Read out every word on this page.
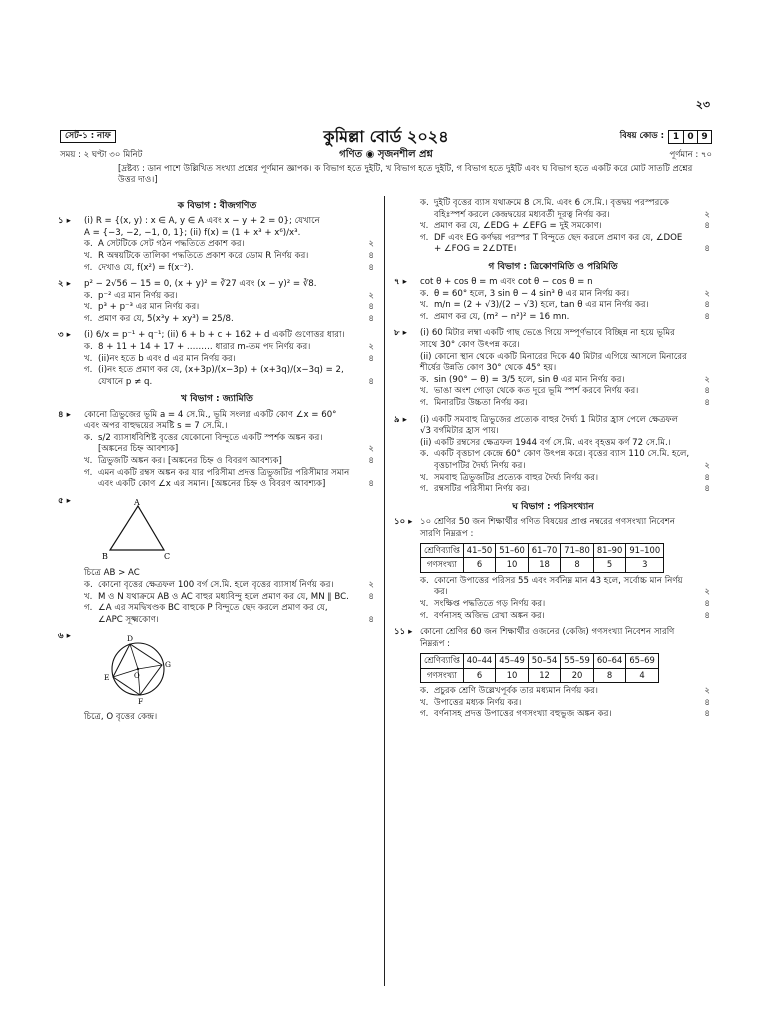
২৩
সেট-১ : নাফ	কুমিল্লা বোর্ড ২০২৪	বিষয় কোড : 1 0 9
সময় : ২ ঘণ্টা ৩০ মিনিট	গণিত ◉ সৃজনশীল প্রশ্ন	পূর্ণমান : ৭০
[দ্রষ্টব্য : ডান পাশে উল্লিখিত সংখ্যা প্রশ্নের পূর্ণমান জ্ঞাপক। ক বিভাগ হতে দুইটি, খ বিভাগ হতে দুইটি, গ বিভাগ হতে দুইটি এবং ঘ বিভাগ হতে একটি করে মোট সাতটি প্রশ্নের উত্তর দাও।]
ক বিভাগ : বীজগণিত
১ ▸ (i) R = {(x, y) : x ∈ A, y ∈ A এবং x − y + 2 = 0}; যেখানে
A = {−3, −2, −1, 0, 1}; (ii) f(x) = (1 + x³ + x⁶)/x³.
ক. A সেটটিকে সেট গঠন পদ্ধতিতে প্রকাশ কর।	২
খ. R অন্বয়টিকে তালিকা পদ্ধতিতে প্রকাশ করে ডোম R নির্ণয় কর।	৪
গ. দেখাও যে, f(x²) = f(x⁻²).	৪
২ ▸ p² − 2√56 − 15 = 0, (x + y)² = ∛27 এবং (x − y)² = ∛8.
ক. p⁻² এর মান নির্ণয় কর।	২
খ. p³ + p⁻³ এর মান নির্ণয় কর।	৪
গ. প্রমাণ কর যে, 5(x³y + xy³) = 25/8.	৪
৩ ▸ (i) 6/x = p⁻¹ + q⁻¹; (ii) 6 + b + c + 162 + d একটি গুণোত্তর ধারা।
ক. 8 + 11 + 14 + 17 + ……… ধারার m-তম পদ নির্ণয় কর।	২
খ. (ii)নং হতে b এবং d এর মান নির্ণয় কর।	৪
গ. (i)নং হতে প্রমাণ কর যে, (x+3p)/(x−3p) + (x+3q)/(x−3q) = 2, যেখানে p ≠ q.	৪
খ বিভাগ : জ্যামিতি
৪ ▸ কোনো ত্রিভুজের ভূমি a = 4 সে.মি., ভূমি সংলগ্ন একটি কোণ ∠x = 60° এবং অপর বাহুদ্বয়ের সমষ্টি s = 7 সে.মি.।
ক. s/2 ব্যাসার্ধবিশিষ্ট বৃত্তের যেকোনো বিন্দুতে একটি স্পর্শক অঙ্কন কর। [অঙ্কনের চিহ্ন আবশ্যক]	২
খ. ত্রিভুজটি অঙ্কন কর। [অঙ্কনের চিহ্ন ও বিবরণ আবশ্যক]	৪
গ. এমন একটি রম্বস অঙ্কন কর যার পরিসীমা প্রদত্ত ত্রিভুজটির পরিসীমার সমান এবং একটি কোণ ∠x এর সমান। [অঙ্কনের চিহ্ন ও বিবরণ আবশ্যক]	৪
৫ ▸	A
B	C
চিত্রে AB > AC
ক. কোনো বৃত্তের ক্ষেত্রফল 100 বর্গ সে.মি. হলে বৃত্তের ব্যাসার্ধ নির্ণয় কর।	২
খ. M ও N যথাক্রমে AB ও AC বাহুর মধ্যবিন্দু হলে প্রমাণ কর যে, MN ∥ BC. ৪
গ. ∠A এর সমদ্বিখণ্ডক BC বাহুকে P বিন্দুতে ছেদ করলে প্রমাণ কর যে, ∠APC সূক্ষ্মকোণ।	৪
৬ ▸	D
E
F
G
O
চিত্রে, O বৃত্তের কেন্দ্র।
ক. দুইটি বৃত্তের ব্যাস যথাক্রমে 8 সে.মি. এবং 6 সে.মি.। বৃত্তদ্বয় পরস্পরকে বহিঃস্পর্শ করলে কেন্দ্রদ্বয়ের মধ্যবর্তী দূরত্ব নির্ণয় কর।	২
খ. প্রমাণ কর যে, ∠EDG + ∠EFG = দুই সমকোণ।	৪
গ. DF এবং EG কর্ণদ্বয় পরস্পর T বিন্দুতে ছেদ করলে প্রমাণ কর যে, ∠DOE + ∠FOG = 2∠DTE।	৪
গ বিভাগ : ত্রিকোণমিতি ও পরিমিতি
৭ ▸ cot θ + cos θ = m এবং cot θ − cos θ = n
ক. θ = 60° হলে, 3 sin θ − 4 sin³ θ এর মান নির্ণয় কর।	২
খ. m/n = (2 + √3)/(2 − √3) হলে, tan θ এর মান নির্ণয় কর।	৪
গ. প্রমাণ কর যে, (m² − n²)² = 16 mn.	৪
৮ ▸ (i) 60 মিটার লম্বা একটি গাছ ভেঙে গিয়ে সম্পূর্ণভাবে বিচ্ছিন্ন না হয়ে ভূমির সাথে 30° কোণ উৎপন্ন করে।
(ii) কোনো স্থান থেকে একটি মিনারের দিকে 40 মিটার এগিয়ে আসলে মিনারের শীর্ষের উন্নতি কোণ 30° থেকে 45° হয়।
ক. sin (90° − θ) = 3/5 হলে, sin θ এর মান নির্ণয় কর।	২
খ. ভাঙা অংশ গোড়া থেকে কত দূরে ভূমি স্পর্শ করবে নির্ণয় কর।	৪
গ. মিনারটির উচ্চতা নির্ণয় কর।	৪
৯ ▸ (i) একটি সমবাহু ত্রিভুজের প্রত্যেক বাহুর দৈর্ঘ্য 1 মিটার হ্রাস পেলে ক্ষেত্রফল √3 বর্গমিটার হ্রাস পায়।
(ii) একটি রম্বসের ক্ষেত্রফল 1944 বর্গ সে.মি. এবং বৃহত্তম কর্ণ 72 সে.মি.।
ক. একটি বৃত্তচাপ কেন্দ্রে 60° কোণ উৎপন্ন করে। বৃত্তের ব্যাস 110 সে.মি. হলে, বৃত্তচাপটির দৈর্ঘ্য নির্ণয় কর।	২
খ. সমবাহু ত্রিভুজটির প্রত্যেক বাহুর দৈর্ঘ্য নির্ণয় কর।	৪
গ. রম্বসটির পরিসীমা নির্ণয় কর।	৪
ঘ বিভাগ : পরিসংখ্যান
১০ ▸ ১০ শ্রেণির 50 জন শিক্ষার্থীর গণিত বিষয়ের প্রাপ্ত নম্বরের গণসংখ্যা নিবেশন সারণি নিম্নরূপ :
শ্রেণিব্যাপ্তি	41–50	51–60	61–70	71–80	81–90	91–100
গণসংখ্যা	6	10	18	8	5	3
ক. কোনো উপাত্তের পরিসর 55 এবং সর্বনিম্ন মান 43 হলে, সর্বোচ্চ মান নির্ণয় কর।	২
খ. সংক্ষিপ্ত পদ্ধতিতে গড় নির্ণয় কর।	৪
গ. বর্ণনাসহ অজিভ রেখা অঙ্কন কর।	৪
১১ ▸ কোনো শ্রেণির 60 জন শিক্ষার্থীর ওজনের (কেজি) গণসংখ্যা নিবেশন সারণি নিম্নরূপ :
শ্রেণিব্যাপ্তি	40–44	45–49	50–54	55–59	60–64	65–69
গণসংখ্যা	6	10	12	20	8	4
ক. প্রচুরক শ্রেণি উল্লেখপূর্বক তার মধ্যমান নির্ণয় কর।	২
খ. উপাত্তের মধ্যক নির্ণয় কর।	৪
গ. বর্ণনাসহ প্রদত্ত উপাত্তের গণসংখ্যা বহুভুজ অঙ্কন কর।	৪
